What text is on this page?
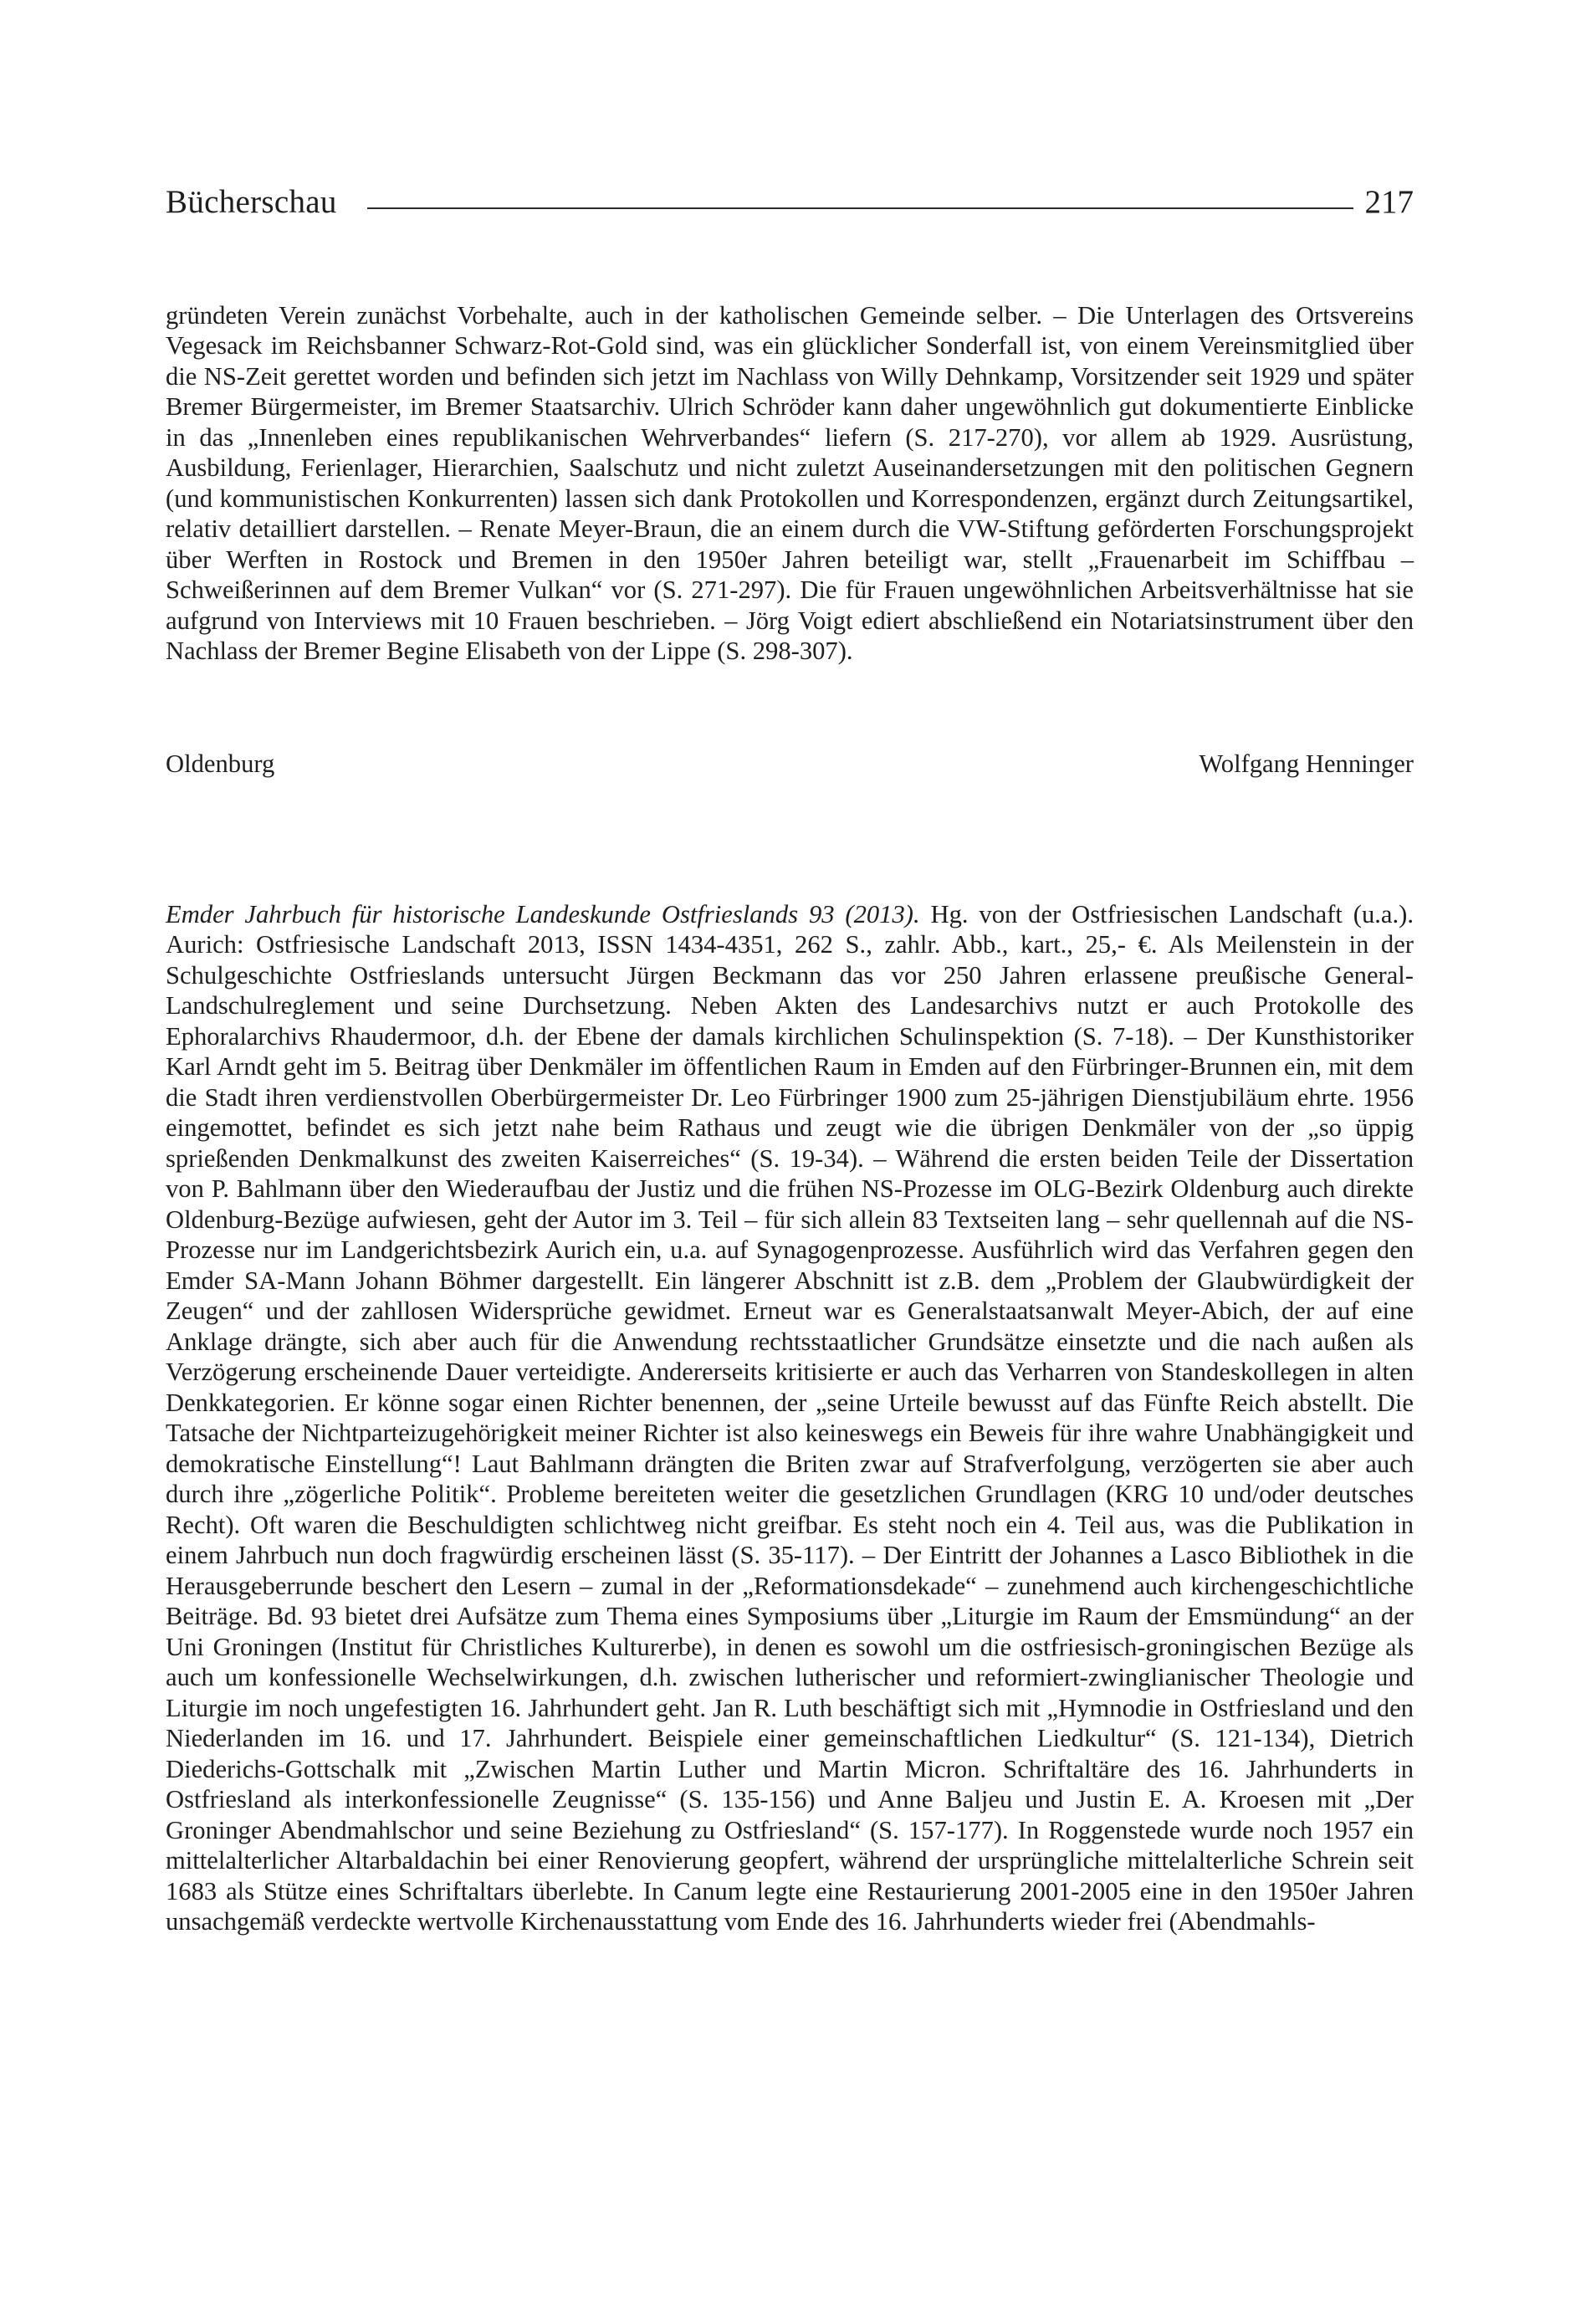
Bücherschau	217

gründeten Verein zunächst Vorbehalte, auch in der katholischen Gemeinde selber. – Die Unterlagen des Ortsvereins Vegesack im Reichsbanner Schwarz-Rot-Gold sind, was ein glücklicher Sonderfall ist, von einem Vereinsmitglied über die NS-Zeit gerettet worden und befinden sich jetzt im Nachlass von Willy Dehnkamp, Vorsitzender seit 1929 und später Bremer Bürgermeister, im Bremer Staatsarchiv. Ulrich Schröder kann daher ungewöhnlich gut dokumentierte Einblicke in das „Innenleben eines republikanischen Wehrverbandes“ liefern (S. 217-270), vor allem ab 1929. Ausrüstung, Ausbildung, Ferienlager, Hierarchien, Saalschutz und nicht zuletzt Auseinandersetzungen mit den politischen Gegnern (und kommunistischen Konkurrenten) lassen sich dank Protokollen und Korrespondenzen, ergänzt durch Zeitungsartikel, relativ detailliert darstellen. – Renate Meyer-Braun, die an einem durch die VW-Stiftung geförderten Forschungsprojekt über Werften in Rostock und Bremen in den 1950er Jahren beteiligt war, stellt „Frauenarbeit im Schiffbau – Schweißerinnen auf dem Bremer Vulkan“ vor (S. 271-297). Die für Frauen ungewöhnlichen Arbeitsverhältnisse hat sie aufgrund von Interviews mit 10 Frauen beschrieben. – Jörg Voigt ediert abschließend ein Notariatsinstrument über den Nachlass der Bremer Begine Elisabeth von der Lippe (S. 298-307).

Oldenburg	Wolfgang Henninger

Emder Jahrbuch für historische Landeskunde Ostfrieslands 93 (2013). Hg. von der Ostfriesischen Landschaft (u.a.). Aurich: Ostfriesische Landschaft 2013, ISSN 1434-4351, 262 S., zahlr. Abb., kart., 25,- €. Als Meilenstein in der Schulgeschichte Ostfrieslands untersucht Jürgen Beckmann das vor 250 Jahren erlassene preußische General-Landschulreglement und seine Durchsetzung. Neben Akten des Landesarchivs nutzt er auch Protokolle des Ephoralarchivs Rhaudermoor, d.h. der Ebene der damals kirchlichen Schulinspektion (S. 7-18). – Der Kunsthistoriker Karl Arndt geht im 5. Beitrag über Denkmäler im öffentlichen Raum in Emden auf den Fürbringer-Brunnen ein, mit dem die Stadt ihren verdienstvollen Oberbürgermeister Dr. Leo Fürbringer 1900 zum 25-jährigen Dienstjubiläum ehrte. 1956 eingemottet, befindet es sich jetzt nahe beim Rathaus und zeugt wie die übrigen Denkmäler von der „so üppig sprießenden Denkmalkunst des zweiten Kaiserreiches“ (S. 19-34). – Während die ersten beiden Teile der Dissertation von P. Bahlmann über den Wiederaufbau der Justiz und die frühen NS-Prozesse im OLG-Bezirk Oldenburg auch direkte Oldenburg-Bezüge aufwiesen, geht der Autor im 3. Teil – für sich allein 83 Textseiten lang – sehr quellennah auf die NS-Prozesse nur im Landgerichtsbezirk Aurich ein, u.a. auf Synagogenprozesse. Ausführlich wird das Verfahren gegen den Emder SA-Mann Johann Böhmer dargestellt. Ein längerer Abschnitt ist z.B. dem „Problem der Glaubwürdigkeit der Zeugen“ und der zahllosen Widersprüche gewidmet. Erneut war es Generalstaatsanwalt Meyer-Abich, der auf eine Anklage drängte, sich aber auch für die Anwendung rechtsstaatlicher Grundsätze einsetzte und die nach außen als Verzögerung erscheinende Dauer verteidigte. Andererseits kritisierte er auch das Verharren von Standeskollegen in alten Denkkategorien. Er könne sogar einen Richter benennen, der „seine Urteile bewusst auf das Fünfte Reich abstellt. Die Tatsache der Nichtparteizugehörigkeit meiner Richter ist also keineswegs ein Beweis für ihre wahre Unabhängigkeit und demokratische Einstellung“! Laut Bahlmann drängten die Briten zwar auf Strafverfolgung, verzögerten sie aber auch durch ihre „zögerliche Politik“. Probleme bereiteten weiter die gesetzlichen Grundlagen (KRG 10 und/oder deutsches Recht). Oft waren die Beschuldigten schlichtweg nicht greifbar. Es steht noch ein 4. Teil aus, was die Publikation in einem Jahrbuch nun doch fragwürdig erscheinen lässt (S. 35-117). – Der Eintritt der Johannes a Lasco Bibliothek in die Herausgeberrunde beschert den Lesern – zumal in der „Reformationsdekade“ – zunehmend auch kirchengeschichtliche Beiträge. Bd. 93 bietet drei Aufsätze zum Thema eines Symposiums über „Liturgie im Raum der Emsmündung“ an der Uni Groningen (Institut für Christliches Kulturerbe), in denen es sowohl um die ostfriesisch-groningischen Bezüge als auch um konfessionelle Wechselwirkungen, d.h. zwischen lutherischer und reformiert-zwinglianischer Theologie und Liturgie im noch ungefestigten 16. Jahrhundert geht. Jan R. Luth beschäftigt sich mit „Hymnodie in Ostfriesland und den Niederlanden im 16. und 17. Jahrhundert. Beispiele einer gemeinschaftlichen Liedkultur“ (S. 121-134), Dietrich Diederichs-Gottschalk mit „Zwischen Martin Luther und Martin Micron. Schriftaltäre des 16. Jahrhunderts in Ostfriesland als interkonfessionelle Zeugnisse“ (S. 135-156) und Anne Baljeu und Justin E. A. Kroesen mit „Der Groninger Abendmahlschor und seine Beziehung zu Ostfriesland“ (S. 157-177). In Roggenstede wurde noch 1957 ein mittelalterlicher Altarbaldachin bei einer Renovierung geopfert, während der ursprüngliche mittelalterliche Schrein seit 1683 als Stütze eines Schriftaltars überlebte. In Canum legte eine Restaurierung 2001-2005 eine in den 1950er Jahren unsachgemäß verdeckte wertvolle Kirchenausstattung vom Ende des 16. Jahrhunderts wieder frei (Abendmahls-
